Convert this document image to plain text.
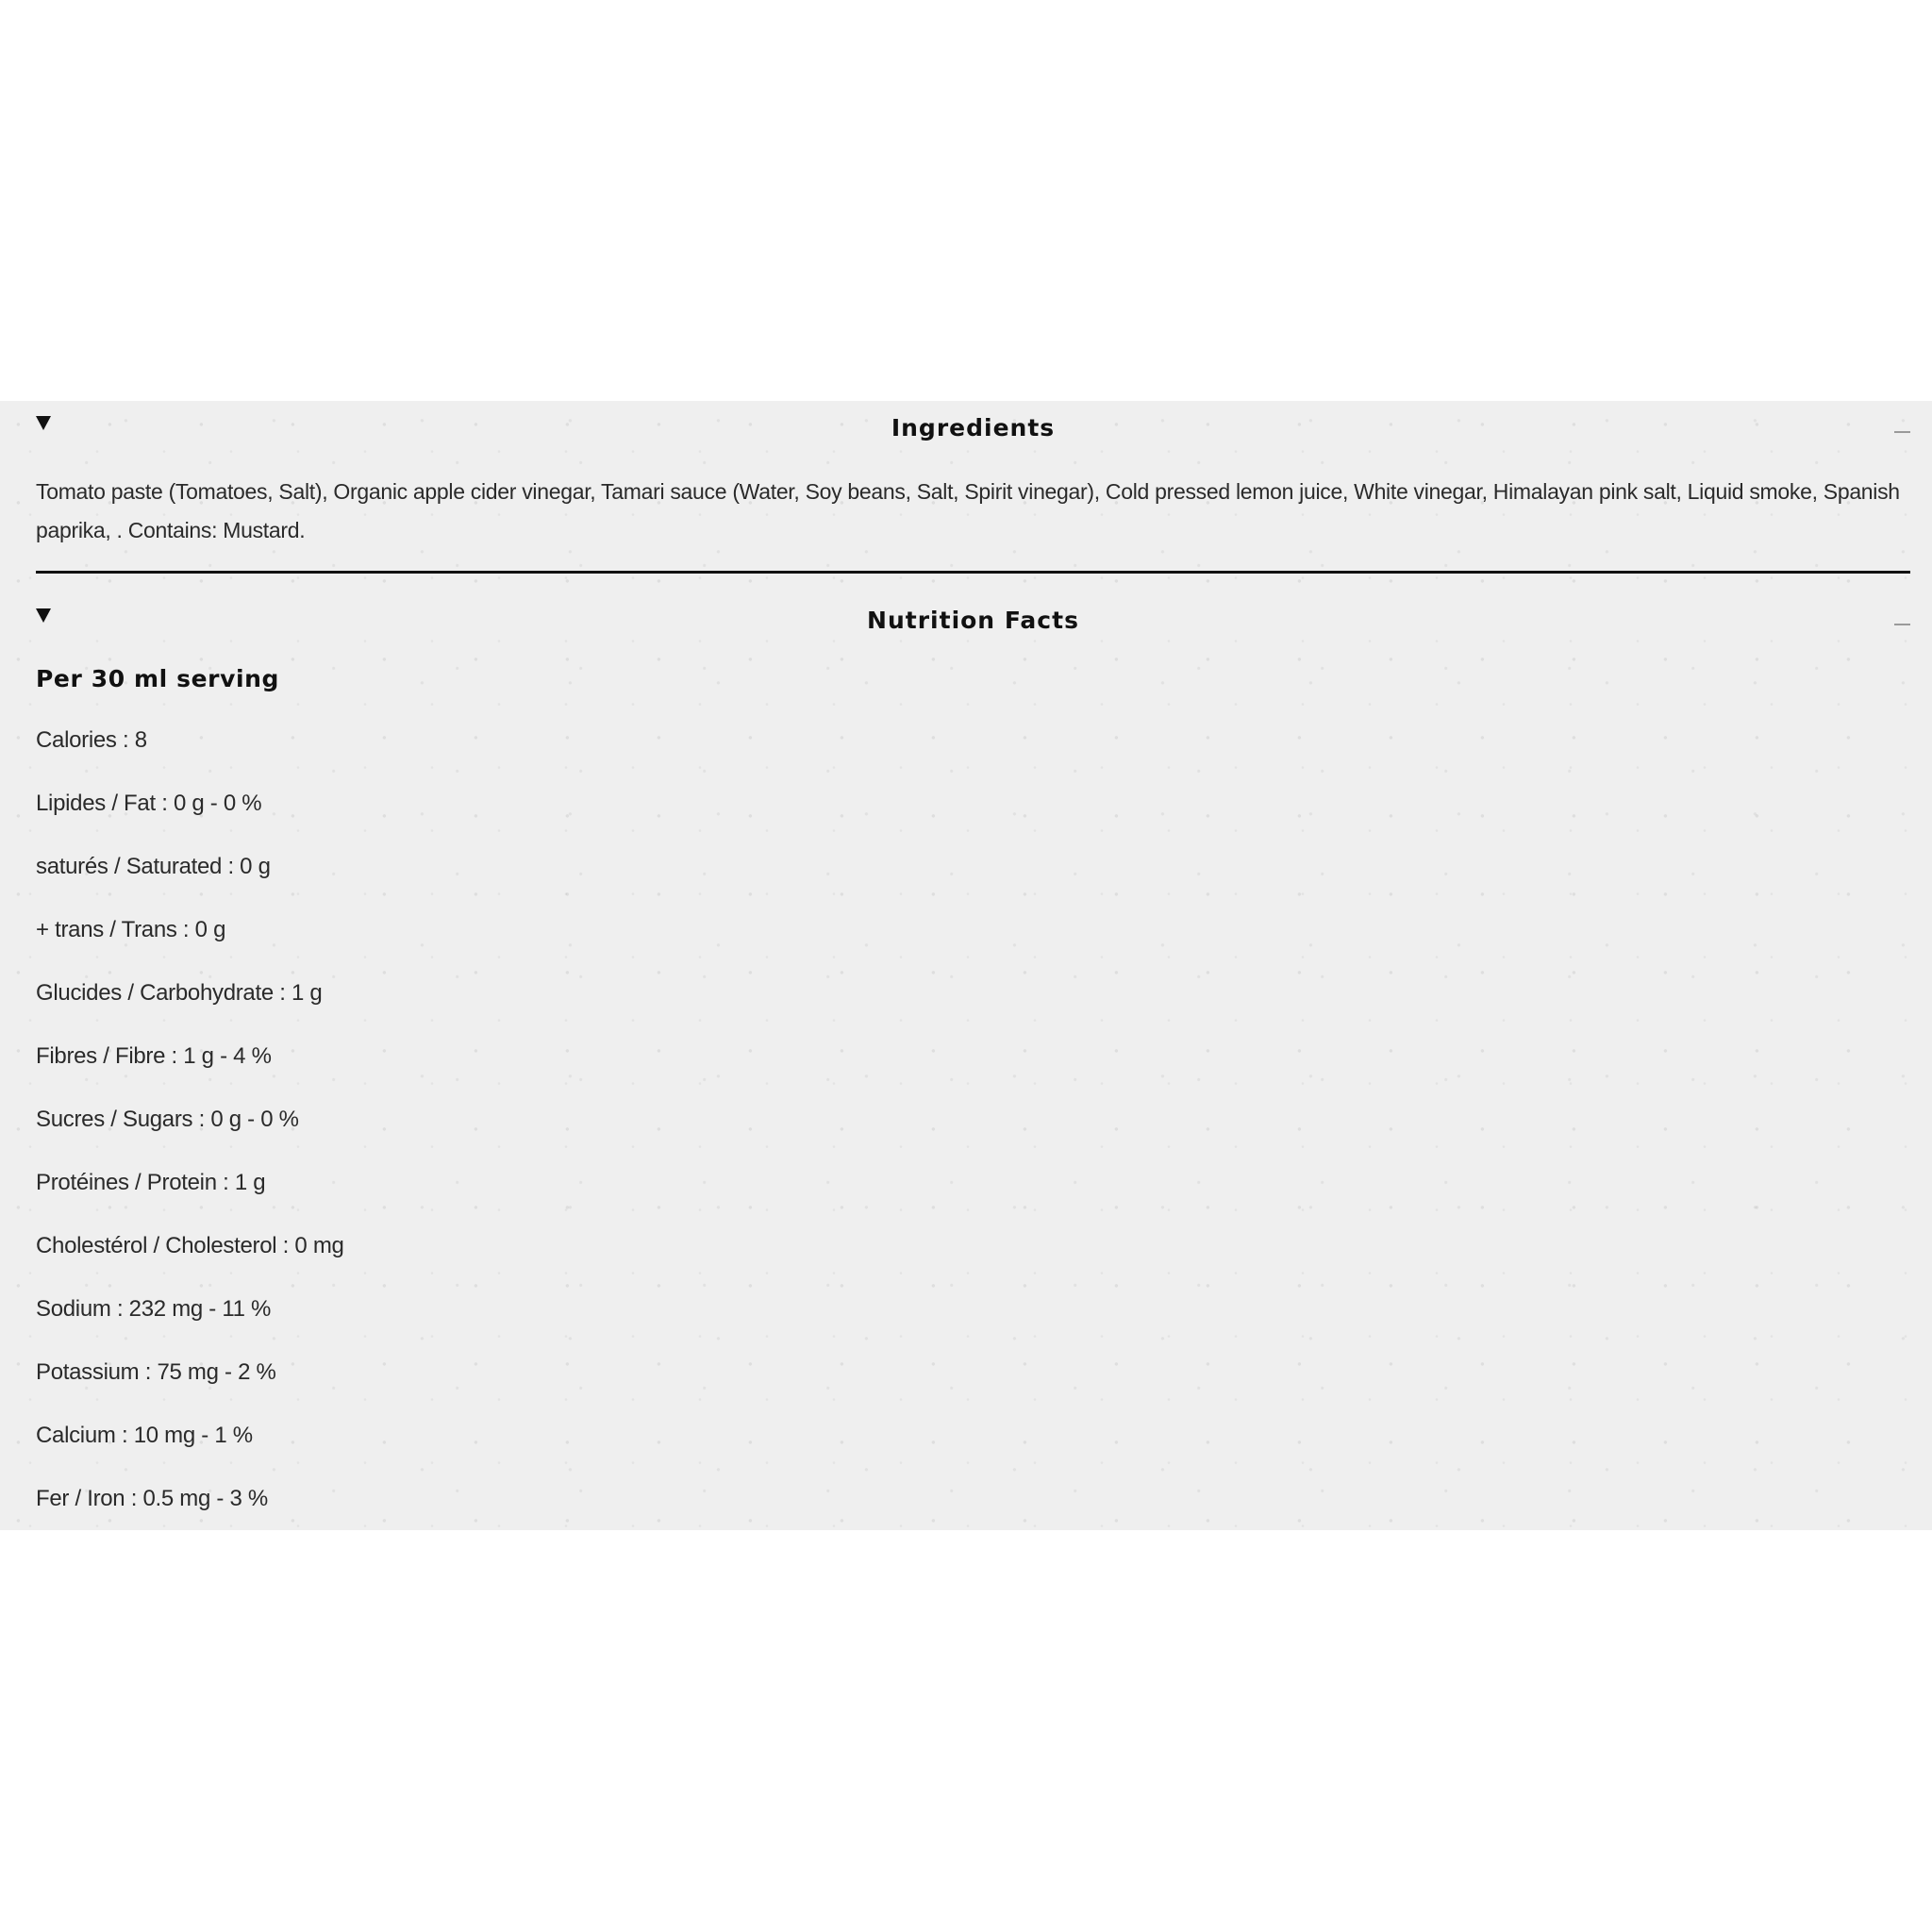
Ingredients
Tomato paste (Tomatoes, Salt), Organic apple cider vinegar, Tamari sauce (Water, Soy beans, Salt, Spirit vinegar), Cold pressed lemon juice, White vinegar, Himalayan pink salt, Liquid smoke, Spanish paprika, . Contains: Mustard.
Nutrition Facts
Per 30 ml serving
Calories : 8
Lipides / Fat : 0 g - 0 %
saturés / Saturated : 0 g
+ trans / Trans : 0 g
Glucides / Carbohydrate : 1 g
Fibres / Fibre : 1 g - 4 %
Sucres / Sugars : 0 g - 0 %
Protéines / Protein : 1 g
Cholestérol / Cholesterol : 0 mg
Sodium : 232 mg - 11 %
Potassium : 75 mg - 2 %
Calcium : 10 mg - 1 %
Fer / Iron : 0.5 mg - 3 %
